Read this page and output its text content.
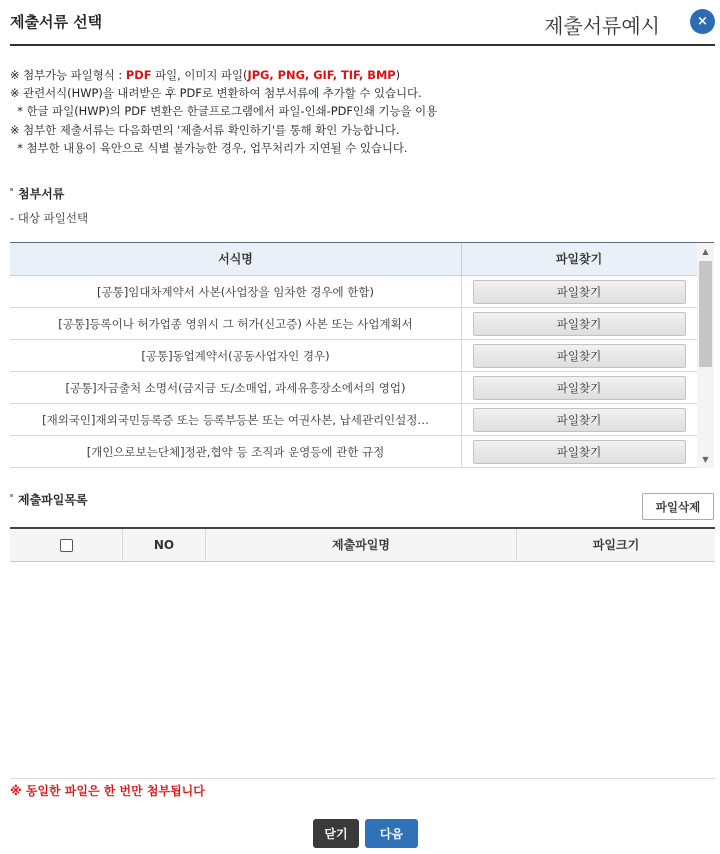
제출서류 선택	제출서류예시	×
※ 첨부가능 파일형식 : PDF 파일, 이미지 파일(JPG, PNG, GIF, TIF, BMP)
※ 관련서식(HWP)을 내려받은 후 PDF로 변환하여 첨부서류에 추가할 수 있습니다.
* 한글 파일(HWP)의 PDF 변환은 한글프로그램에서 파일-인쇄-PDF인쇄 기능을 이용
※ 첨부한 제출서류는 다음화면의 '제출서류 확인하기'를 통해 확인 가능합니다.
* 첨부한 내용이 육안으로 식별 불가능한 경우, 업무처리가 지연될 수 있습니다.
첨부서류
- 대상 파일선택
서식명	파일찾기
[공통]임대차계약서 사본(사업장을 임차한 경우에 한함)	파일찾기
[공통]등록이나 허가업종 영위시 그 허가(신고증) 사본 또는 사업계획서	파일찾기
[공통]동업계약서(공동사업자인 경우)	파일찾기
[공통]자금출처 소명서(금지금 도/소매업, 과세유흥장소에서의 영업)	파일찾기
[재외국인]재외국민등록증 또는 등록부등본 또는 여권사본, 납세관리인설정…	파일찾기
[개인으로보는단체]정관,협약 등 조직과 운영등에 관한 규정	파일찾기
▲
▼
제출파일목록	파일삭제
NO	제출파일명	파일크기
※ 동일한 파일은 한 번만 첨부됩니다
닫기	다음
